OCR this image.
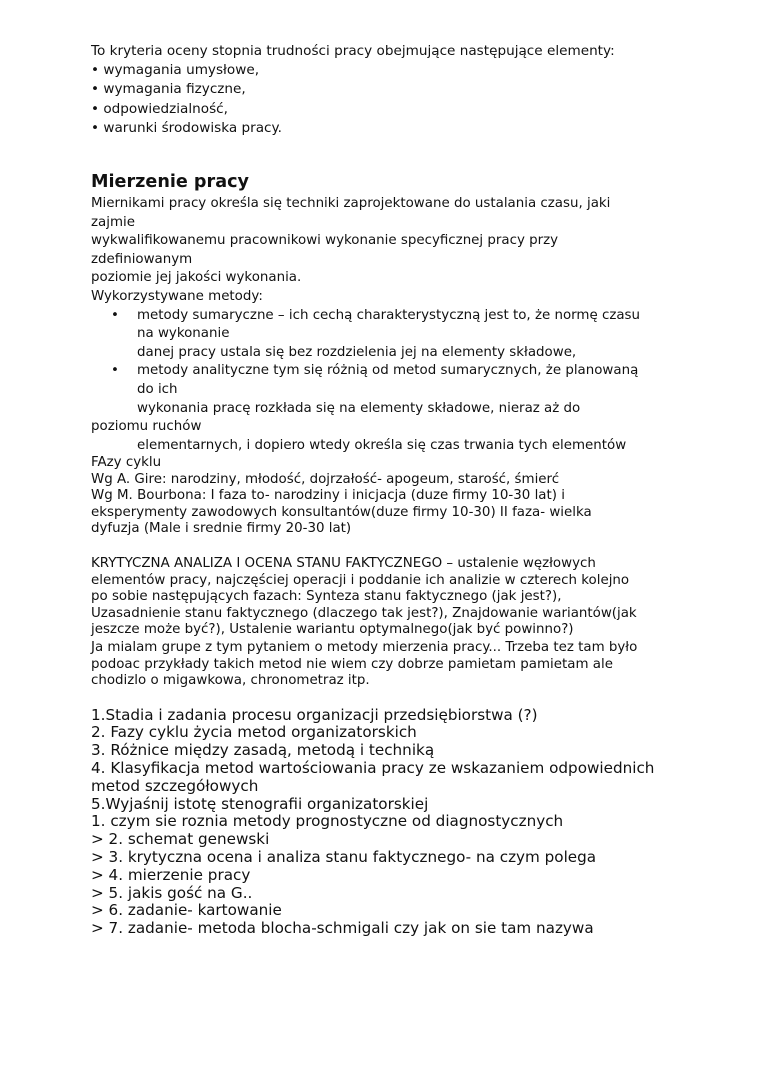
To kryteria oceny stopnia trudności pracy obejmujące następujące elementy:

• wymagania umysłowe,

• wymagania fizyczne,

• odpowiedzialność,

• warunki środowiska pracy.

Mierzenie pracy

Miernikami pracy określa się techniki zaprojektowane do ustalania czasu, jaki

zajmie

wykwalifikowanemu pracownikowi wykonanie specyficznej pracy przy

zdefiniowanym

poziomie jej jakości wykonania.

Wykorzystywane metody:

• metody sumaryczne – ich cechą charakterystyczną jest to, że normę czasu

na wykonanie

danej pracy ustala się bez rozdzielenia jej na elementy składowe,

• metody analityczne tym się różnią od metod sumarycznych, że planowaną

do ich

wykonania pracę rozkłada się na elementy składowe, nieraz aż do

poziomu ruchów

elementarnych, i dopiero wtedy określa się czas trwania tych elementów

FAzy cyklu

Wg A. Gire: narodziny, młodość, dojrzałość- apogeum, starość, śmierć

Wg M. Bourbona: I faza to- narodziny i inicjacja (duze firmy 10-30 lat) i

eksperymenty zawodowych konsultantów(duze firmy 10-30) II faza- wielka

dyfuzja (Male i srednie firmy 20-30 lat)

KRYTYCZNA ANALIZA I OCENA STANU FAKTYCZNEGO – ustalenie węzłowych

elementów pracy, najczęściej operacji i poddanie ich analizie w czterech kolejno

po sobie następujących fazach: Synteza stanu faktycznego (jak jest?),

Uzasadnienie stanu faktycznego (dlaczego tak jest?), Znajdowanie wariantów(jak

jeszcze może być?), Ustalenie wariantu optymalnego(jak być powinno?)

Ja mialam grupe z tym pytaniem o metody mierzenia pracy... Trzeba tez tam było

podoac przykłady takich metod nie wiem czy dobrze pamietam pamietam ale

chodizlo o migawkowa, chronometraz itp.

1.Stadia i zadania procesu organizacji przedsiębiorstwa (?)

2. Fazy cyklu życia metod organizatorskich

3. Różnice między zasadą, metodą i techniką

4. Klasyfikacja metod wartościowania pracy ze wskazaniem odpowiednich

metod szczegółowych

5.Wyjaśnij istotę stenografii organizatorskiej

1. czym sie roznia metody prognostyczne od diagnostycznych

> 2. schemat genewski

> 3. krytyczna ocena i analiza stanu faktycznego- na czym polega

> 4. mierzenie pracy

> 5. jakis gość na G..

> 6. zadanie- kartowanie

> 7. zadanie- metoda blocha-schmigali czy jak on sie tam nazywa
